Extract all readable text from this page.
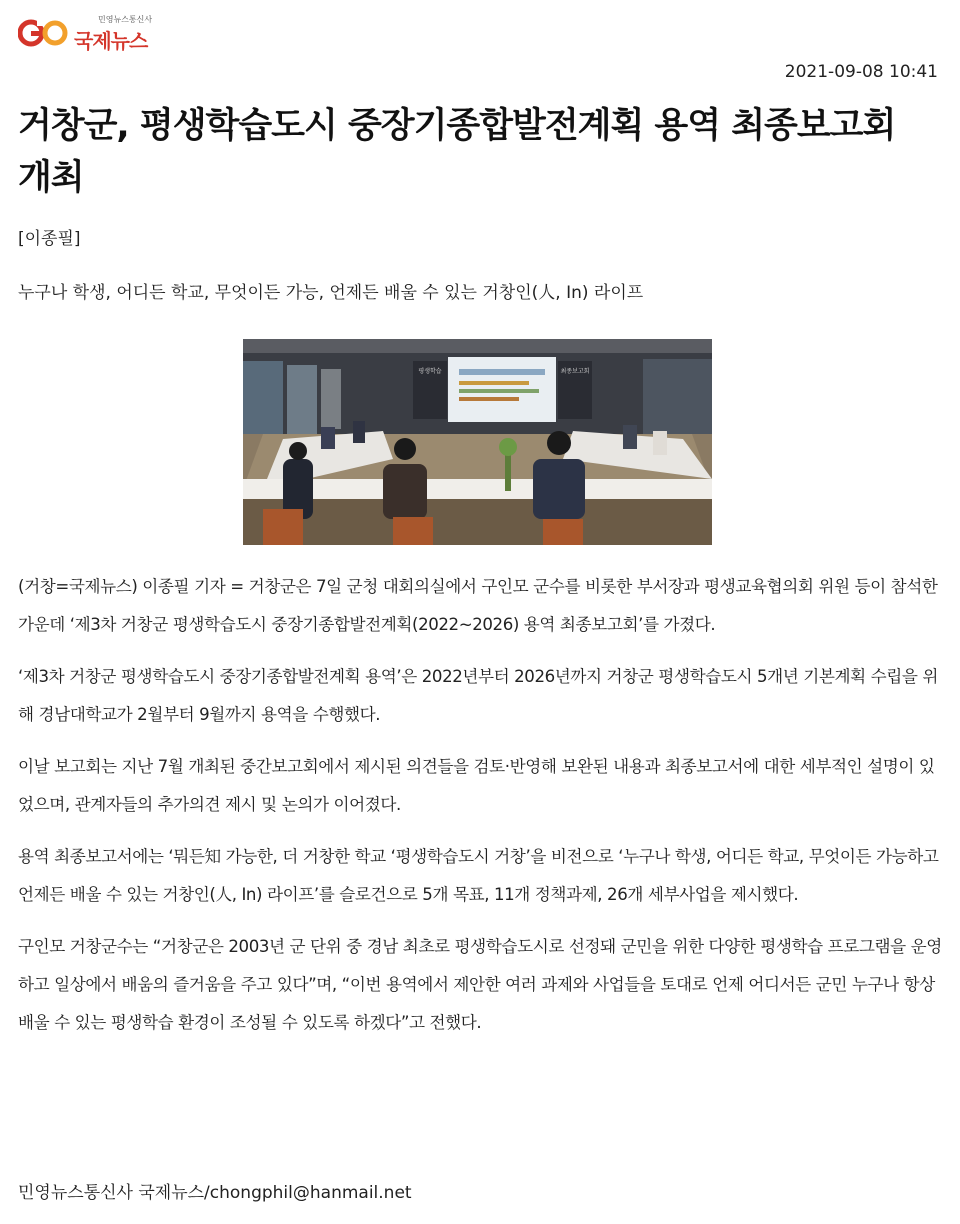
민영뉴스통신사
국제뉴스
2021-09-08 10:41
거창군, 평생학습도시 중장기종합발전계획 용역 최종보고회 개최
[이종필]
누구나 학생, 어디든 학교, 무엇이든 가능, 언제든 배울 수 있는 거창인(人, In) 라이프
평생학습	최종보고회

(거창=국제뉴스) 이종필 기자 = 거창군은 7일 군청 대회의실에서 구인모 군수를 비롯한 부서장과 평생교육협의회 위원 등이 참석한 가운데 ‘제3차 거창군 평생학습도시 중장기종합발전계획(2022~2026) 용역 최종보고회’를 가졌다.

‘제3차 거창군 평생학습도시 중장기종합발전계획 용역’은 2022년부터 2026년까지 거창군 평생학습도시 5개년 기본계획 수립을 위해 경남대학교가 2월부터 9월까지 용역을 수행했다.

이날 보고회는 지난 7월 개최된 중간보고회에서 제시된 의견들을 검토·반영해 보완된 내용과 최종보고서에 대한 세부적인 설명이 있었으며, 관계자들의 추가의견 제시 및 논의가 이어졌다.

용역 최종보고서에는 ‘뭐든知 가능한, 더 거창한 학교 ‘평생학습도시 거창’을 비전으로 ‘누구나 학생, 어디든 학교, 무엇이든 가능하고 언제든 배울 수 있는 거창인(人, In) 라이프’를 슬로건으로 5개 목표, 11개 정책과제, 26개 세부사업을 제시했다.

구인모 거창군수는 “거창군은 2003년 군 단위 중 경남 최초로 평생학습도시로 선정돼 군민을 위한 다양한 평생학습 프로그램을 운영하고 일상에서 배움의 즐거움을 주고 있다”며, “이번 용역에서 제안한 여러 과제와 사업들을 토대로 언제 어디서든 군민 누구나 항상 배울 수 있는 평생학습 환경이 조성될 수 있도록 하겠다”고 전했다.

민영뉴스통신사 국제뉴스/chongphil@hanmail.net
